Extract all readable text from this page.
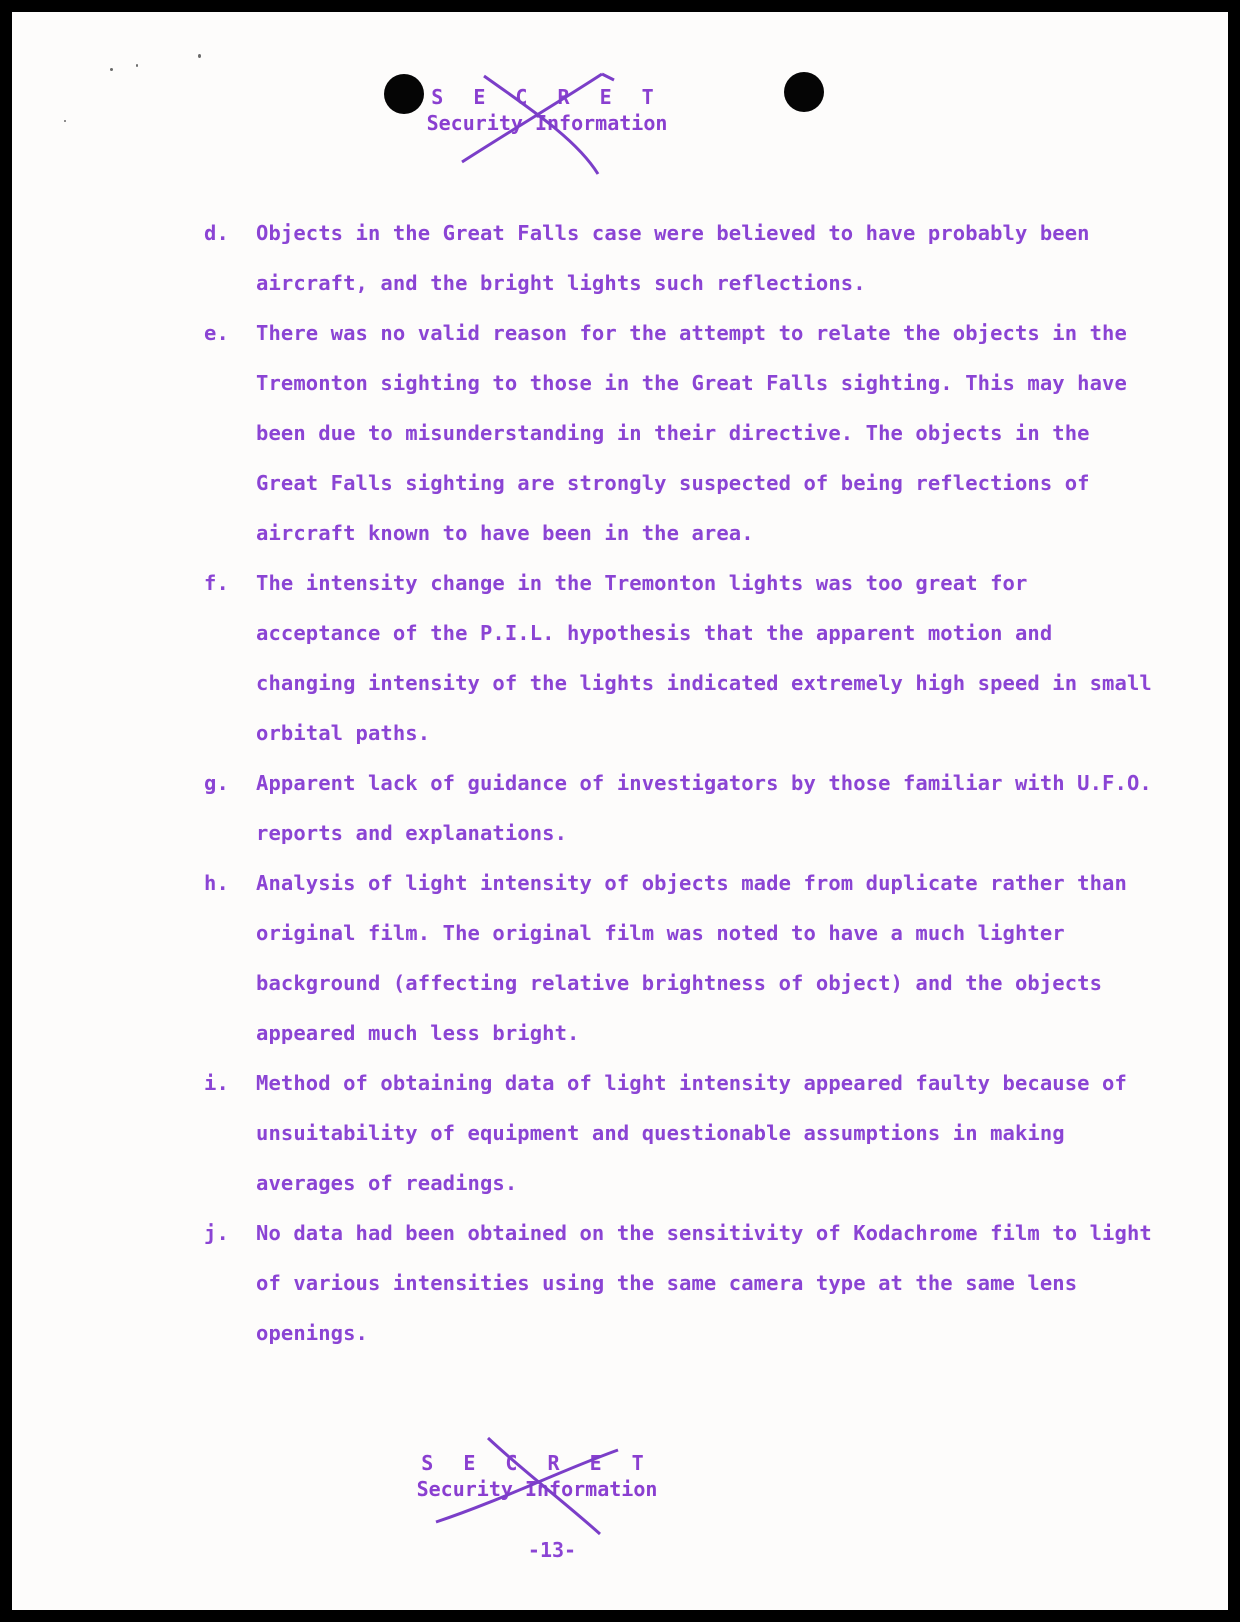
S E C R E T
Security Information
d.	Objects in the Great Falls case were believed to have probably been aircraft, and the bright lights such reflections.
e.	There was no valid reason for the attempt to relate the objects in the Tremonton sighting to those in the Great Falls sighting. This may have been due to misunderstanding in their directive. The objects in the Great Falls sighting are strongly suspected of being reflections of aircraft known to have been in the area.
f.	The intensity change in the Tremonton lights was too great for acceptance of the P.I.L. hypothesis that the apparent motion and changing intensity of the lights indicated extremely high speed in small orbital paths.
g.	Apparent lack of guidance of investigators by those familiar with U.F.O. reports and explanations.
h.	Analysis of light intensity of objects made from duplicate rather than original film. The original film was noted to have a much lighter background (affecting relative brightness of object) and the objects appeared much less bright.
i.	Method of obtaining data of light intensity appeared faulty because of unsuitability of equipment and questionable assumptions in making averages of readings.
j.	No data had been obtained on the sensitivity of Kodachrome film to light of various intensities using the same camera type at the same lens openings.
S E C R E T
Security Information
-13-
